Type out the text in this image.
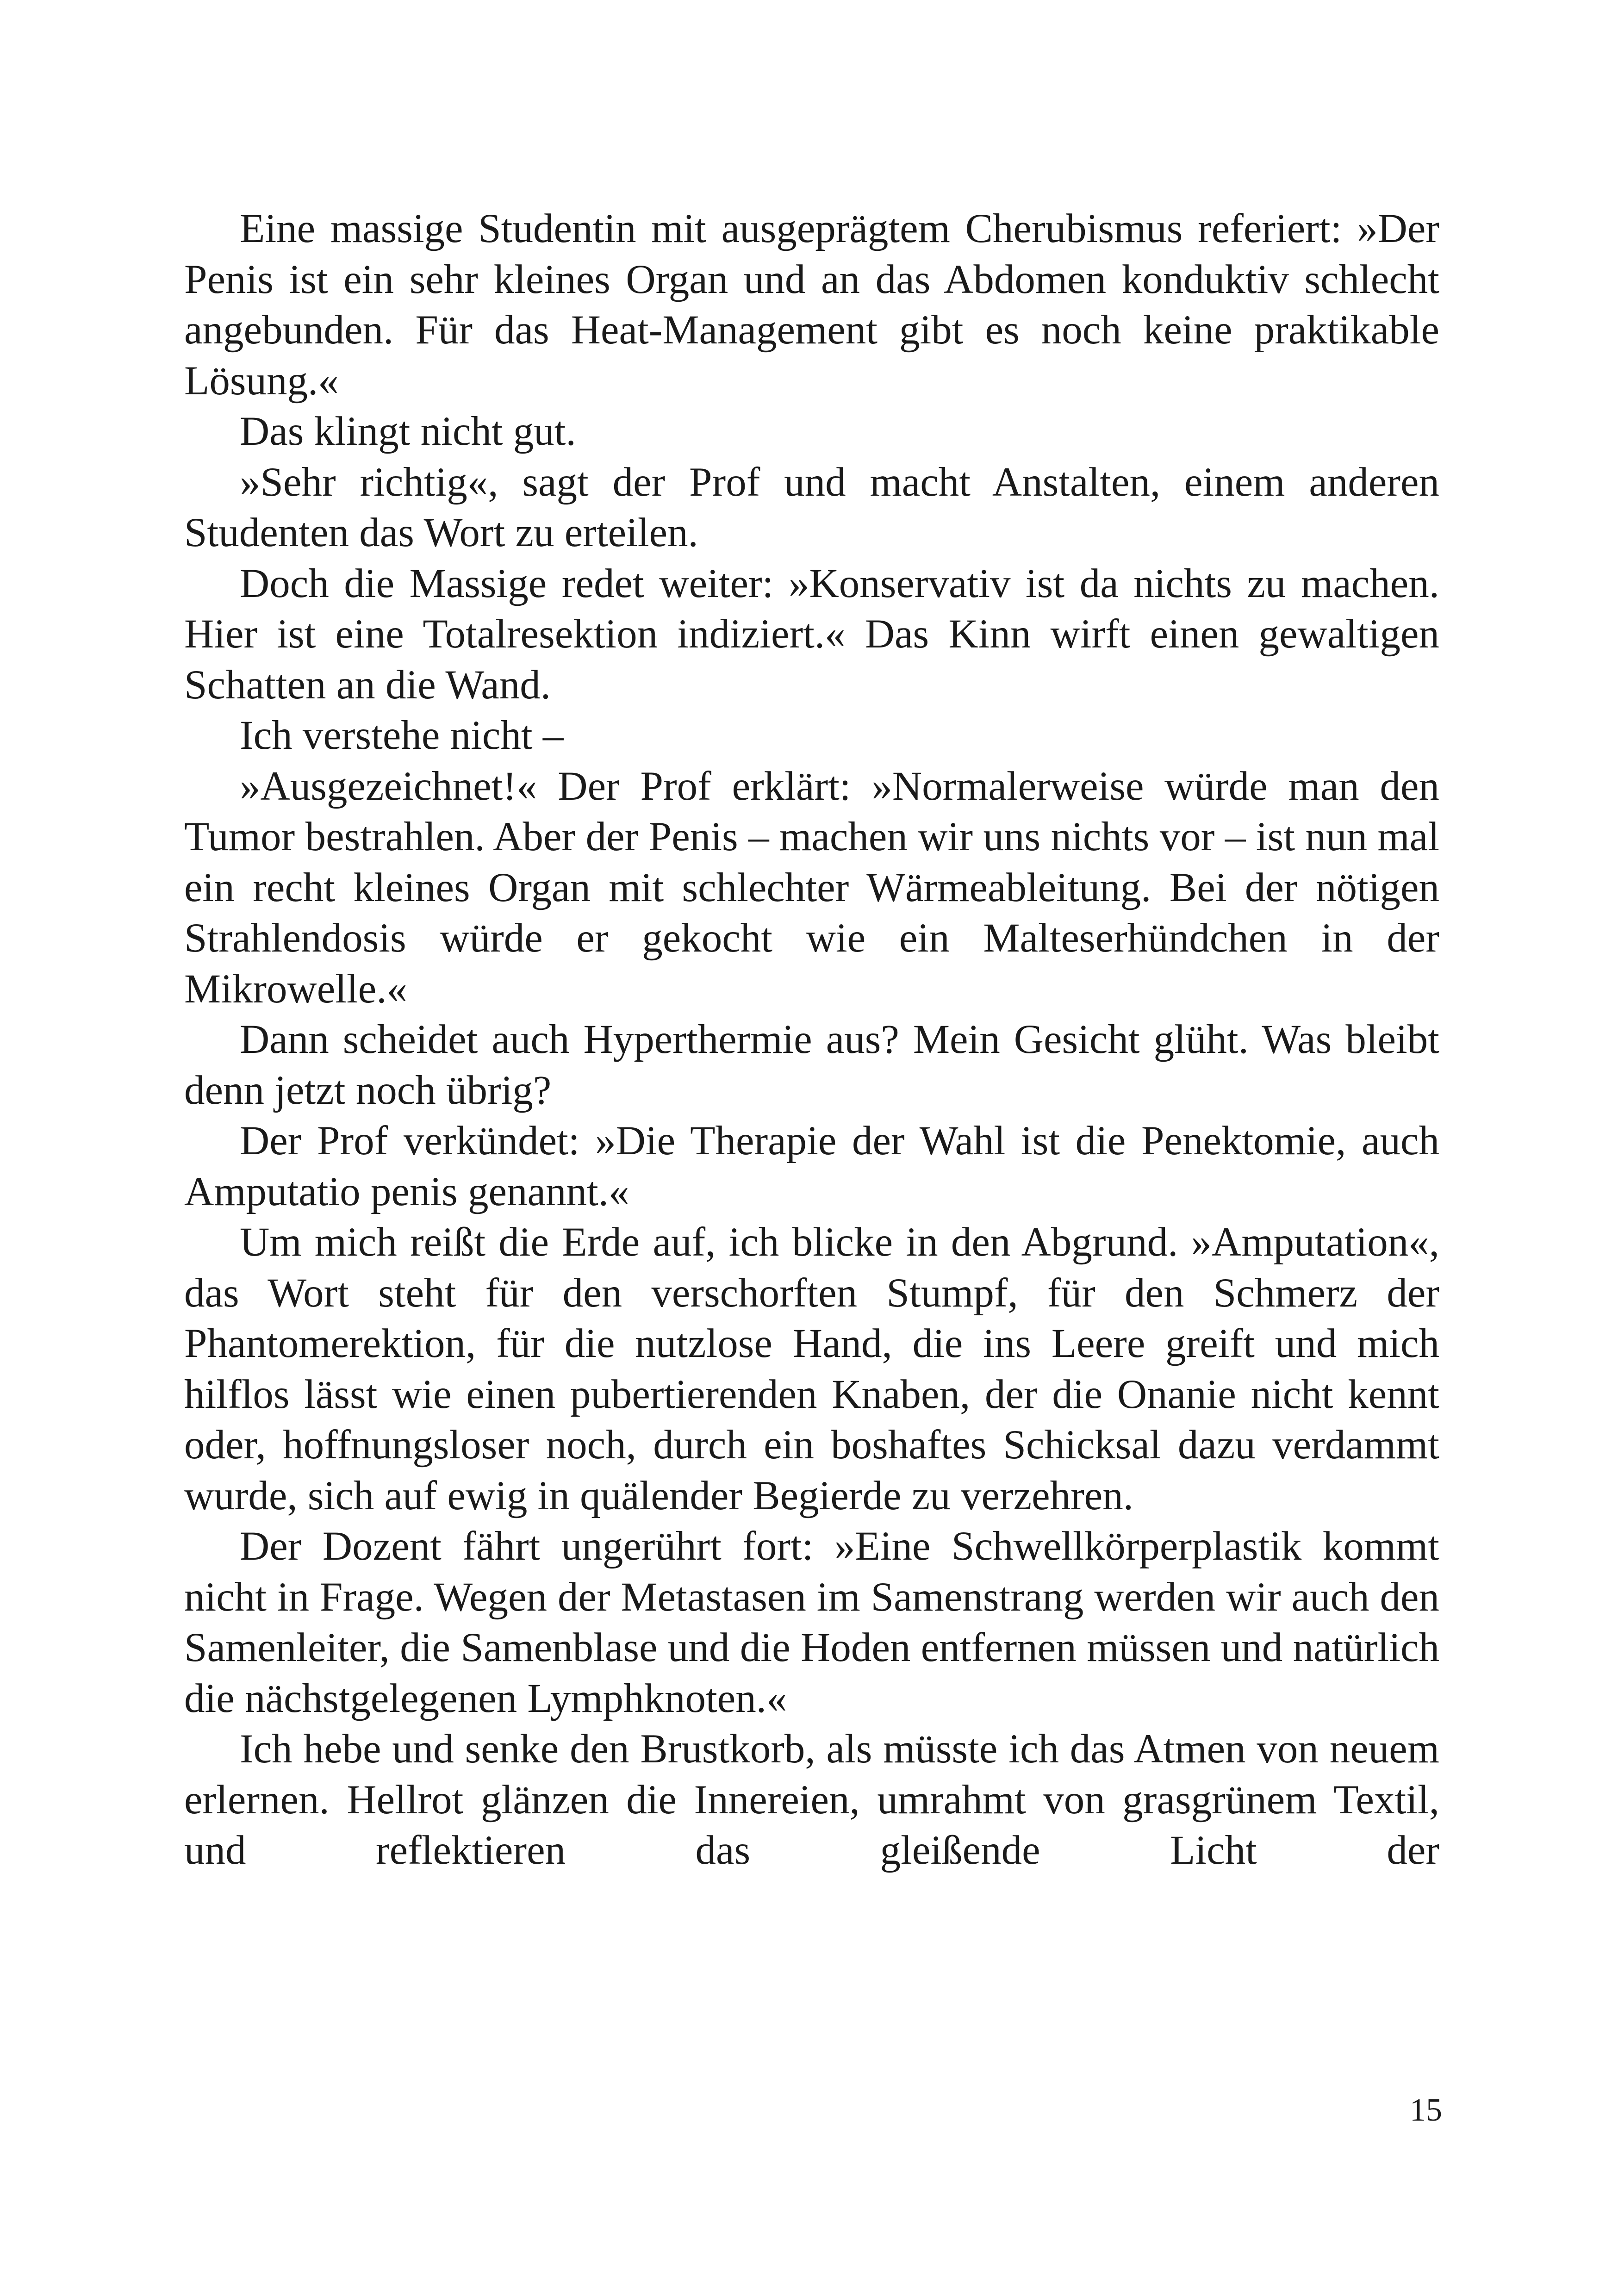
Eine massige Studentin mit ausgeprägtem Cherubismus referiert: »Der Penis ist ein sehr kleines Organ und an das Abdomen konduktiv schlecht angebunden. Für das Heat-Management gibt es noch keine praktikable Lösung.«

Das klingt nicht gut.

»Sehr richtig«, sagt der Prof und macht Anstalten, einem anderen Studenten das Wort zu erteilen.

Doch die Massige redet weiter: »Konservativ ist da nichts zu machen. Hier ist eine Totalresektion indiziert.« Das Kinn wirft einen gewaltigen Schatten an die Wand.

Ich verstehe nicht –

»Ausgezeichnet!« Der Prof erklärt: »Normalerweise würde man den Tumor bestrahlen. Aber der Penis – machen wir uns nichts vor – ist nun mal ein recht kleines Organ mit schlechter Wärmeableitung. Bei der nötigen Strahlendosis würde er gekocht wie ein Malteserhündchen in der Mikrowelle.«

Dann scheidet auch Hyperthermie aus? Mein Gesicht glüht. Was bleibt denn jetzt noch übrig?

Der Prof verkündet: »Die Therapie der Wahl ist die Penektomie, auch Amputatio penis genannt.«

Um mich reißt die Erde auf, ich blicke in den Abgrund. »Amputation«, das Wort steht für den verschorften Stumpf, für den Schmerz der Phantomerektion, für die nutzlose Hand, die ins Leere greift und mich hilflos lässt wie einen pubertierenden Knaben, der die Onanie nicht kennt oder, hoffnungsloser noch, durch ein boshaftes Schicksal dazu verdammt wurde, sich auf ewig in quälender Begierde zu verzehren.

Der Dozent fährt ungerührt fort: »Eine Schwellkörperplastik kommt nicht in Frage. Wegen der Metastasen im Samenstrang werden wir auch den Samenleiter, die Samenblase und die Hoden entfernen müssen und natürlich die nächstgelegenen Lymphknoten.«

Ich hebe und senke den Brustkorb, als müsste ich das Atmen von neuem erlernen. Hellrot glänzen die Innereien, umrahmt von grasgrünem Textil, und reflektieren das gleißende Licht der

15
